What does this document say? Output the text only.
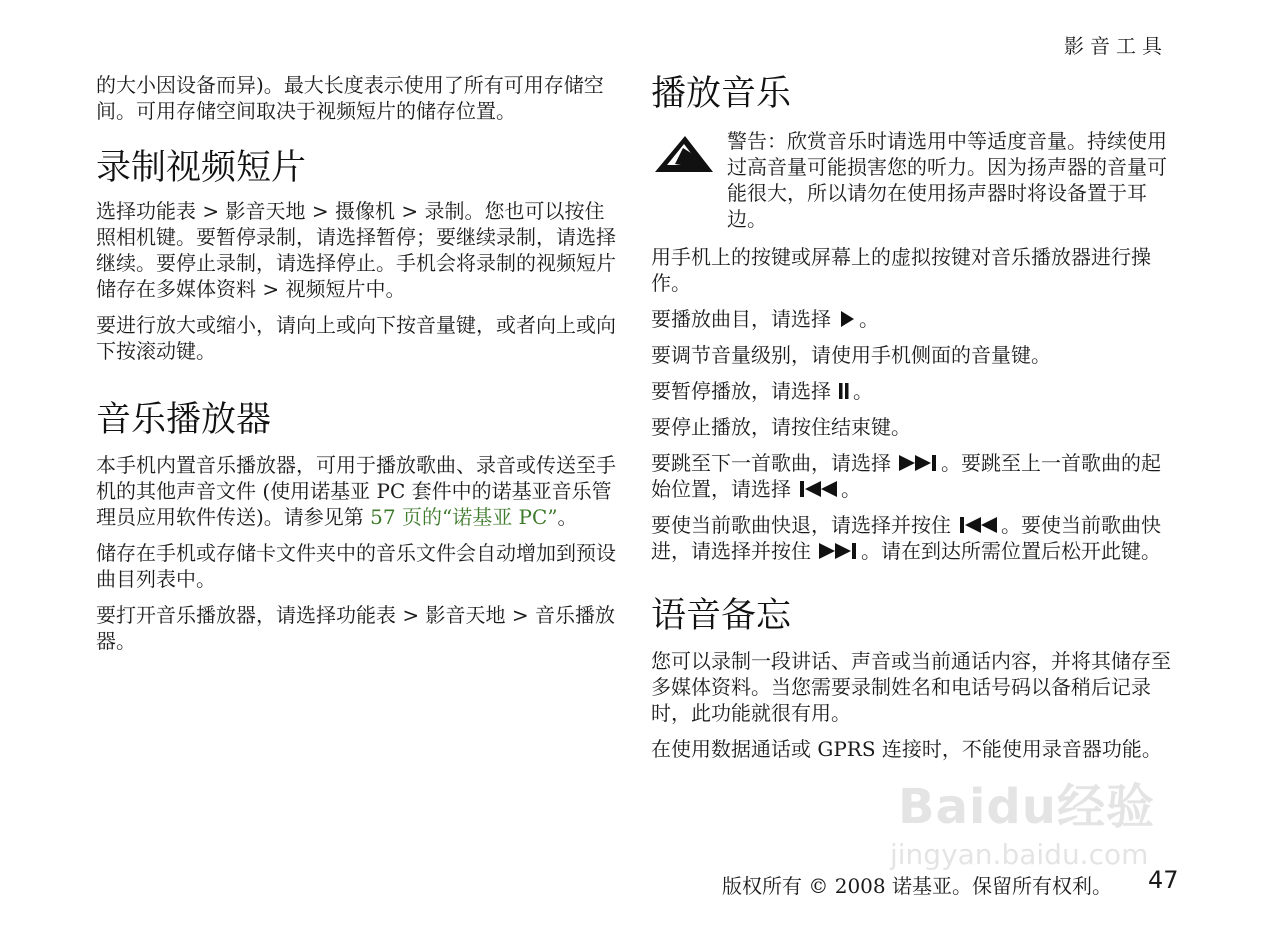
影音工具

的大小因设备而异)。最大长度表示使用了所有可用存储空间。可用存储空间取决于视频短片的储存位置。

录制视频短片

选择功能表 > 影音天地 > 摄像机 > 录制。您也可以按住照相机键。要暂停录制，请选择暂停；要继续录制，请选择继续。要停止录制，请选择停止。手机会将录制的视频短片储存在多媒体资料 > 视频短片中。

要进行放大或缩小，请向上或向下按音量键，或者向上或向下按滚动键。

音乐播放器

本手机内置音乐播放器，可用于播放歌曲、录音或传送至手机的其他声音文件 (使用诺基亚 PC 套件中的诺基亚音乐管理员应用软件传送)。请参见第 57 页的“诺基亚 PC”。

储存在手机或存储卡文件夹中的音乐文件会自动增加到预设曲目列表中。

要打开音乐播放器，请选择功能表 > 影音天地 > 音乐播放器。

播放音乐

警告：欣赏音乐时请选用中等适度音量。持续使用过高音量可能损害您的听力。因为扬声器的音量可能很大，所以请勿在使用扬声器时将设备置于耳边。

用手机上的按键或屏幕上的虚拟按键对音乐播放器进行操作。

要播放曲目，请选择 。

要调节音量级别，请使用手机侧面的音量键。

要暂停播放，请选择 。

要停止播放，请按住结束键。

要跳至下一首歌曲，请选择	。要跳至上一首歌曲的起始位置，请选择	。

要使当前歌曲快退，请选择并按住	。要使当前歌曲快进，请选择并按住	。请在到达所需位置后松开此键。

语音备忘

您可以录制一段讲话、声音或当前通话内容，并将其储存至多媒体资料。当您需要录制姓名和电话号码以备稍后记录时，此功能就很有用。

在使用数据通话或 GPRS 连接时，不能使用录音器功能。

Baidu经验
jingyan.baidu.com
版权所有 © 2008 诺基亚。保留所有权利。 47
